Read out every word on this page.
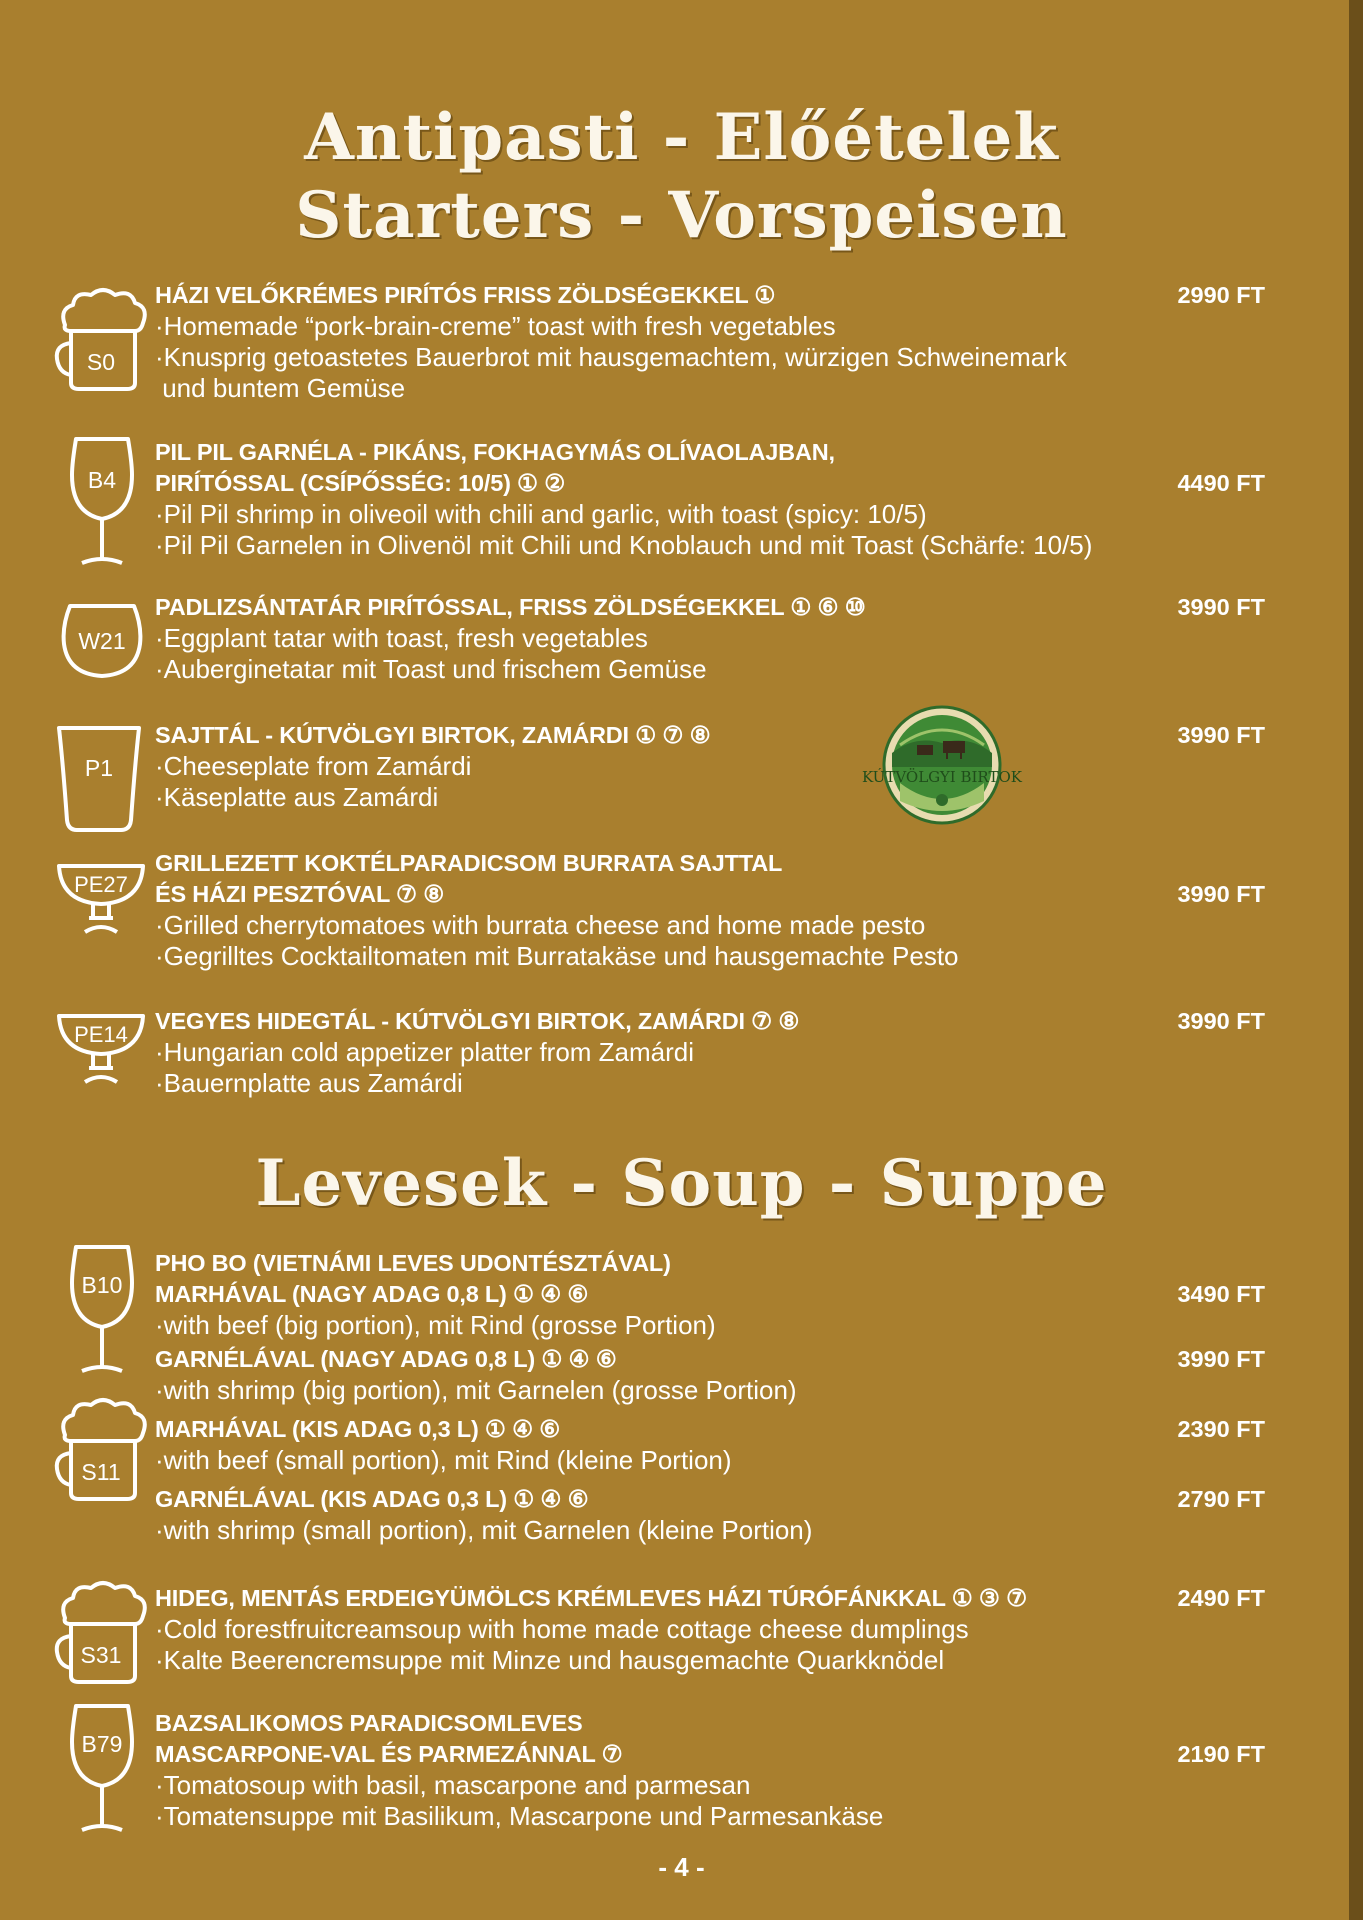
Antipasti - Előételek
Starters - Vorspeisen
Levesek - Soup - Suppe
S0
B4
W21
P1
PE27
PE14
B10
S11
S31
B79
HÁZI VELŐKRÉMES PIRÍTÓS FRISS ZÖLDSÉGEKKEL ①	2990 FT
·Homemade “pork-brain-creme” toast with fresh vegetables
·Knusprig getoastetes Bauerbrot mit hausgemachtem, würzigen Schweinemark
und buntem Gemüse
PIL PIL GARNÉLA - PIKÁNS, FOKHAGYMÁS OLÍVAOLAJBAN,
PIRÍTÓSSAL (CSÍPŐSSÉG: 10/5) ① ②	4490 FT
·Pil Pil shrimp in oliveoil with chili and garlic, with toast (spicy: 10/5)
·Pil Pil Garnelen in Olivenöl mit Chili und Knoblauch und mit Toast (Schärfe: 10/5)
PADLIZSÁNTATÁR PIRÍTÓSSAL, FRISS ZÖLDSÉGEKKEL ① ⑥ ⑩	3990 FT
·Eggplant tatar with toast, fresh vegetables
·Auberginetatar mit Toast und frischem Gemüse
SAJTTÁL - KÚTVÖLGYI BIRTOK, ZAMÁRDI ① ⑦ ⑧	3990 FT
·Cheeseplate from Zamárdi
·Käseplatte aus Zamárdi
GRILLEZETT KOKTÉLPARADICSOM BURRATA SAJTTAL
ÉS HÁZI PESZTÓVAL ⑦ ⑧	3990 FT
·Grilled cherrytomatoes with burrata cheese and home made pesto
·Gegrilltes Cocktailtomaten mit Burratakäse und hausgemachte Pesto
VEGYES HIDEGTÁL - KÚTVÖLGYI BIRTOK, ZAMÁRDI ⑦ ⑧	3990 FT
·Hungarian cold appetizer platter from Zamárdi
·Bauernplatte aus Zamárdi
KÚTVÖLGYI BIRTOK
PHO BO (VIETNÁMI LEVES UDONTÉSZTÁVAL)
MARHÁVAL (NAGY ADAG 0,8 L) ① ④ ⑥	3490 FT
·with beef (big portion), mit Rind (grosse Portion)
GARNÉLÁVAL (NAGY ADAG 0,8 L) ① ④ ⑥	3990 FT
·with shrimp (big portion), mit Garnelen (grosse Portion)
MARHÁVAL (KIS ADAG 0,3 L) ① ④ ⑥	2390 FT
·with beef (small portion), mit Rind (kleine Portion)
GARNÉLÁVAL (KIS ADAG 0,3 L) ① ④ ⑥	2790 FT
·with shrimp (small portion), mit Garnelen (kleine Portion)
HIDEG, MENTÁS ERDEIGYÜMÖLCS KRÉMLEVES HÁZI TÚRÓFÁNKKAL ① ③ ⑦	2490 FT
·Cold forestfruitcreamsoup with home made cottage cheese dumplings
·Kalte Beerencremsuppe mit Minze und hausgemachte Quarkknödel
BAZSALIKOMOS PARADICSOMLEVES
MASCARPONE-VAL ÉS PARMEZÁNNAL ⑦	2190 FT
·Tomatosoup with basil, mascarpone and parmesan
·Tomatensuppe mit Basilikum, Mascarpone und Parmesankäse
- 4 -
